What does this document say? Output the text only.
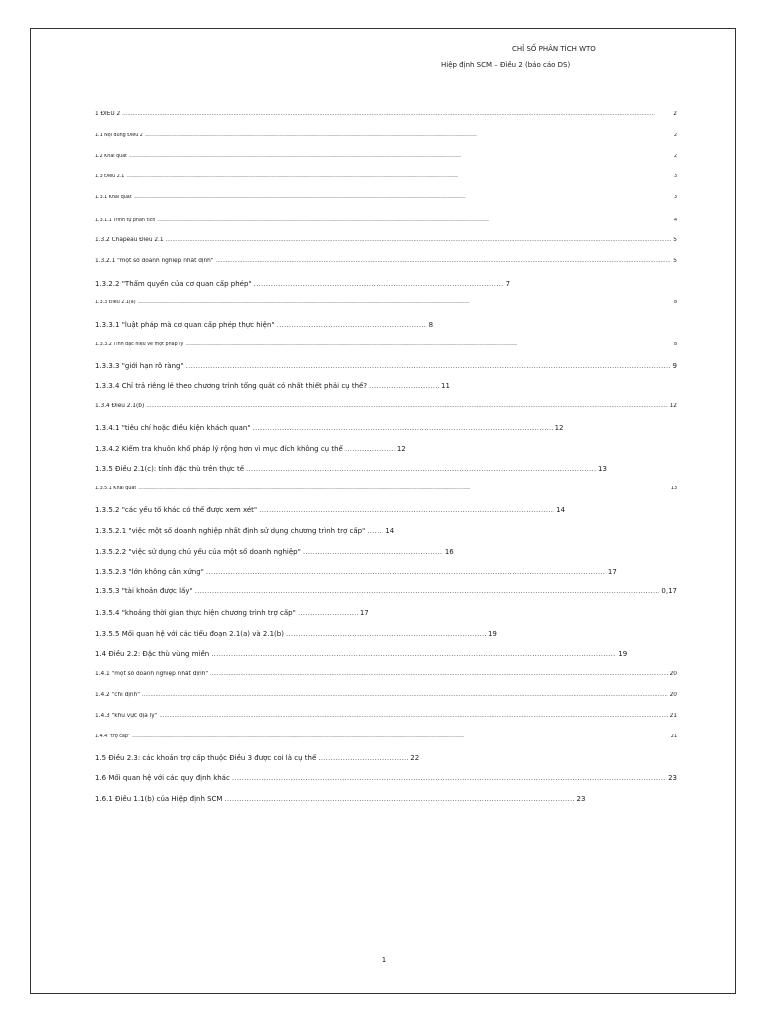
CHỈ SỐ PHÂN TÍCH WTO
Hiệp định SCM – Điều 2 (báo cáo DS)
1 ĐIỀU 2 . . .	2
1.1 Nội dung Điều 2 . . .	2
1.2 Khái quát . . .	2
1.3 Điều 2.1 . . .	3
1.3.1 Khái quát . . .	3
1.3.1.1 Trình tự phân tích . . .	4
1.3.2 Chapeau Điều 2.1 . . .	5
1.3.2.1 "một số doanh nghiệp nhất định" . . .	5
1.3.2.2 "Thẩm quyền của cơ quan cấp phép" . . .	7
1.3.3 Điều 2.1(a) . . .	8
1.3.3.1 "luật pháp mà cơ quan cấp phép thực hiện" . . .	8
1.3.3.2 Tính đặc hiệu về một pháp lý . . .	8
1.3.3.3 "giới hạn rõ ràng" . . .	9
1.3.3.4 Chỉ trả riêng lẻ theo chương trình tổng quát có nhất thiết phải cụ thể? . . .	11
1.3.4 Điều 2.1(b) . . .	12
1.3.4.1 "tiêu chí hoặc điều kiện khách quan" . . .	12
1.3.4.2 Kiểm tra khuôn khổ pháp lý rộng hơn vì mục đích không cụ thể . . .	12
1.3.5 Điều 2.1(c): tính đặc thù trên thực tế . . .	13
1.3.5.1 Khái quát . . .	13
1.3.5.2 "các yếu tố khác có thể được xem xét" . . .	14
1.3.5.2.1 "việc một số doanh nghiệp nhất định sử dụng chương trình trợ cấp" . . .	14
1.3.5.2.2 "việc sử dụng chủ yếu của một số doanh nghiệp" . . .	16
1.3.5.2.3 "lớn không cân xứng" . . .	17
1.3.5.3 "tài khoản được lấy" . . .	0,17
1.3.5.4 "khoảng thời gian thực hiện chương trình trợ cấp" . . .	17
1.3.5.5 Mối quan hệ với các tiểu đoạn 2.1(a) và 2.1(b) . . .	19
1.4 Điều 2.2: Đặc thù vùng miền . . .	19
1.4.1 "một số doanh nghiệp nhất định" . . .	20
1.4.2 "chỉ định" . . .	20
1.4.3 "khu vực địa lý" . . .	21
1.4.4 "trợ cấp" . . .	21
1.5 Điều 2.3: các khoản trợ cấp thuộc Điều 3 được coi là cụ thể . . .	22
1.6 Mối quan hệ với các quy định khác . . .	23
1.6.1 Điều 1.1(b) của Hiệp định SCM . . .	23
1
